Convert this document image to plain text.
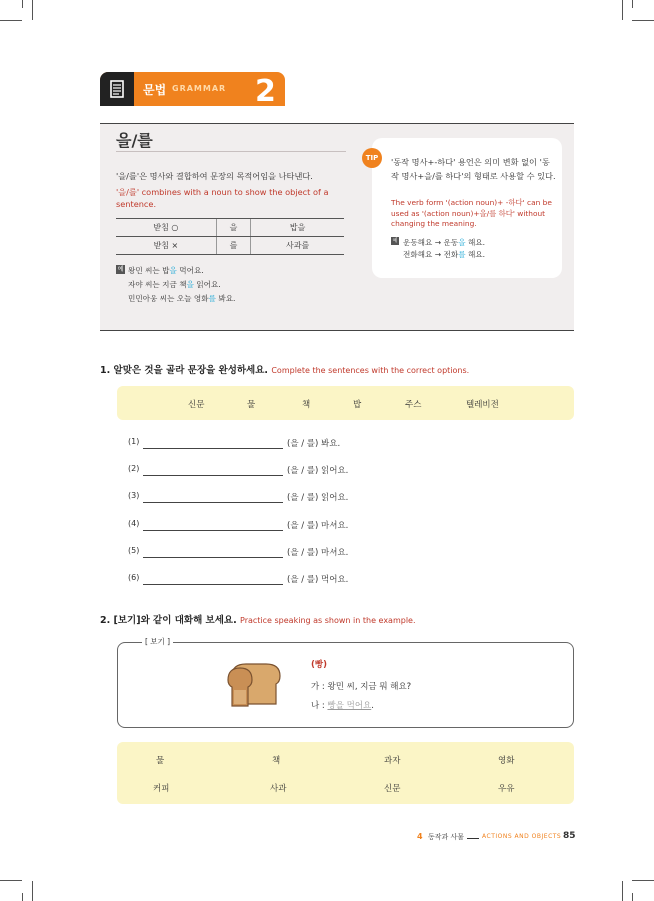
문법 GRAMMAR 2
을/를
'을/를'은 명사와 결합하여 문장의 목적어임을 나타낸다.
'을/를' combines with a noun to show the object of a sentence.
받침 ○	을	밥을
받침 ×	를	사과를
예 왕민 씨는 밥을 먹어요.
자야 씨는 지금 책을 읽어요.
민민아웅 씨는 오늘 영화를 봐요.
TIP	'동작 명사+-하다' 용언은 의미 변화 없이 '동작 명사+을/를 하다'의 형태로 사용할 수 있다.
The verb form '(action noun)+ -하다' can be used as '(action noun)+을/를 하다' without changing the meaning.
예 운동해요 → 운동을 해요.
전화해요 → 전화를 해요.
1. 알맞은 것을 골라 문장을 완성하세요. Complete the sentences with the correct options.
신문	물	책	밥	주스	텔레비전
(1)	(을 / 를) 봐요.
(2)	(을 / 를) 읽어요.
(3)	(을 / 를) 읽어요.
(4)	(을 / 를) 마셔요.
(5)	(을 / 를) 마셔요.
(6)	(을 / 를) 먹어요.
2. [보기]와 같이 대화해 보세요. Practice speaking as shown in the example.
[ 보기 ]
(빵)
가 : 왕민 씨, 지금 뭐 해요?
나 : 빵을 먹어요.
물	책	과자	영화
커피	사과	신문	우유
4 동작과 사물	ACTIONS AND OBJECTS 85
